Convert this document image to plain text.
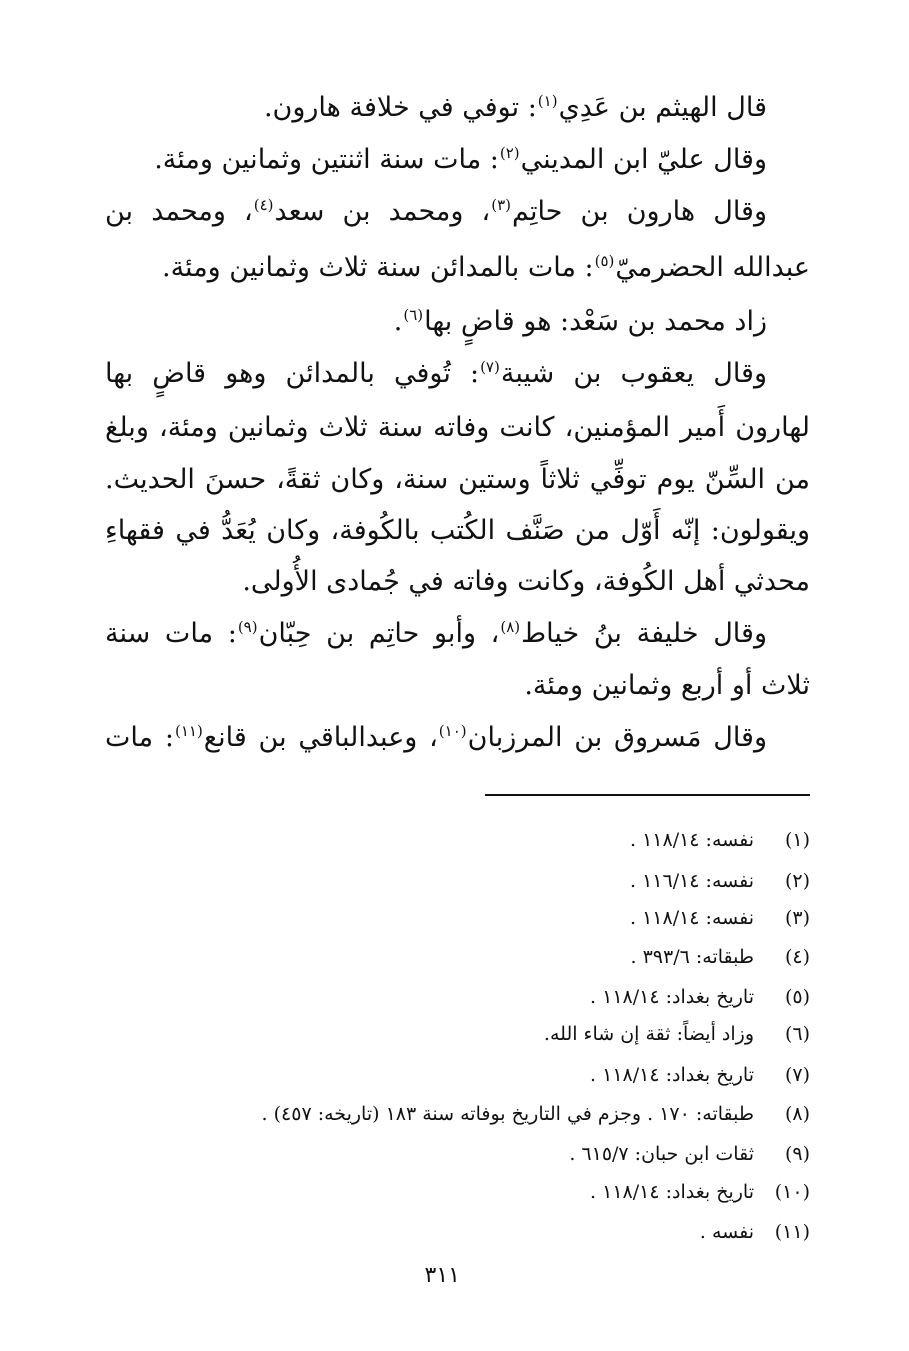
قال الهيثم بن عَدِي$^{(١)}$: توفي في خلافة هارون.
وقال عليّ ابن المديني$^{(٢)}$: مات سنة اثنتين وثمانين ومئة.
وقال هارون بن حاتِم$^{(٣)}$، ومحمد بن سعد$^{(٤)}$، ومحمد بن
عبدالله الحضرميّ$^{(٥)}$: مات بالمدائن سنة ثلاث وثمانين ومئة.
زاد محمد بن سَعْد: هو قاضٍ بها$^{(٦)}$.
وقال يعقوب بن شيبة$^{(٧)}$: تُوفي بالمدائن وهو قاضٍ بها
لهارون أَمير المؤمنين، كانت وفاته سنة ثلاث وثمانين ومئة، وبلغ
من السِّنّ يوم توفِّي ثلاثاً وستين سنة، وكان ثقةً، حسنَ الحديث.
ويقولون: إنّه أَوّل من صَنَّف الكُتب بالكُوفة، وكان يُعَدُّ في فقهاءِ
محدثي أهل الكُوفة، وكانت وفاته في جُمادى الأُولى.
وقال خليفة بنُ خياط$^{(٨)}$، وأبو حاتِم بن حِبّان$^{(٩)}$: مات سنة
ثلاث أو أربع وثمانين ومئة.
وقال مَسروق بن المرزبان$^{(١٠)}$، وعبدالباقي بن قانع$^{(١١)}$: مات
(١)نفسه: ١١٨/١٤ .
(٢)نفسه: ١١٦/١٤ .
(٣)نفسه: ١١٨/١٤ .
(٤)طبقاته: ٣٩٣/٦ .
(٥)تاريخ بغداد: ١١٨/١٤ .
(٦)وزاد أيضاً: ثقة إن شاء الله.
(٧)تاريخ بغداد: ١١٨/١٤ .
(٨)طبقاته: ١٧٠ . وجزم في التاريخ بوفاته سنة ١٨٣ (تاريخه: ٤٥٧) .
(٩)ثقات ابن حبان: ٦١٥/٧ .
(١٠)تاريخ بغداد: ١١٨/١٤ .
(١١)نفسه .
٣١١
